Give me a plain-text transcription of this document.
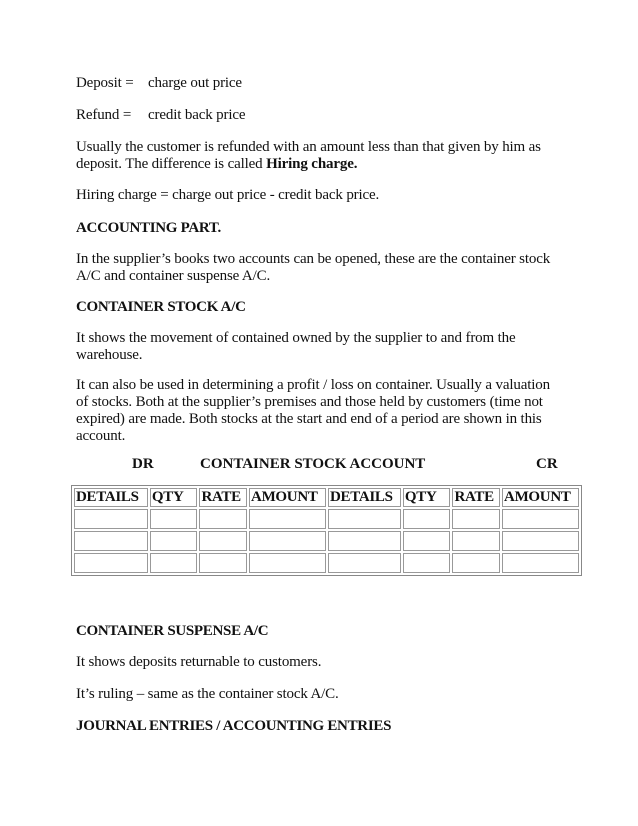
Deposit = charge out price

Refund = credit back price

Usually the customer is refunded with an amount less than that given by him as deposit. The difference is called Hiring charge.

Hiring charge = charge out price - credit back price.

ACCOUNTING PART.

In the supplier’s books two accounts can be opened, these are the container stock A/C and container suspense A/C.

CONTAINER STOCK A/C

It shows the movement of contained owned by the supplier to and from the warehouse.

It can also be used in determining a profit / loss on container. Usually a valuation of stocks. Both at the supplier’s premises and those held by customers (time not expired) are made. Both stocks at the start and end of a period are shown in this account.

DR	CONTAINER STOCK ACCOUNT	CR
DETAILS	QTY	RATE	AMOUNT	DETAILS	QTY	RATE	AMOUNT

CONTAINER SUSPENSE A/C

It shows deposits returnable to customers.

It’s ruling – same as the container stock A/C.

JOURNAL ENTRIES / ACCOUNTING ENTRIES
